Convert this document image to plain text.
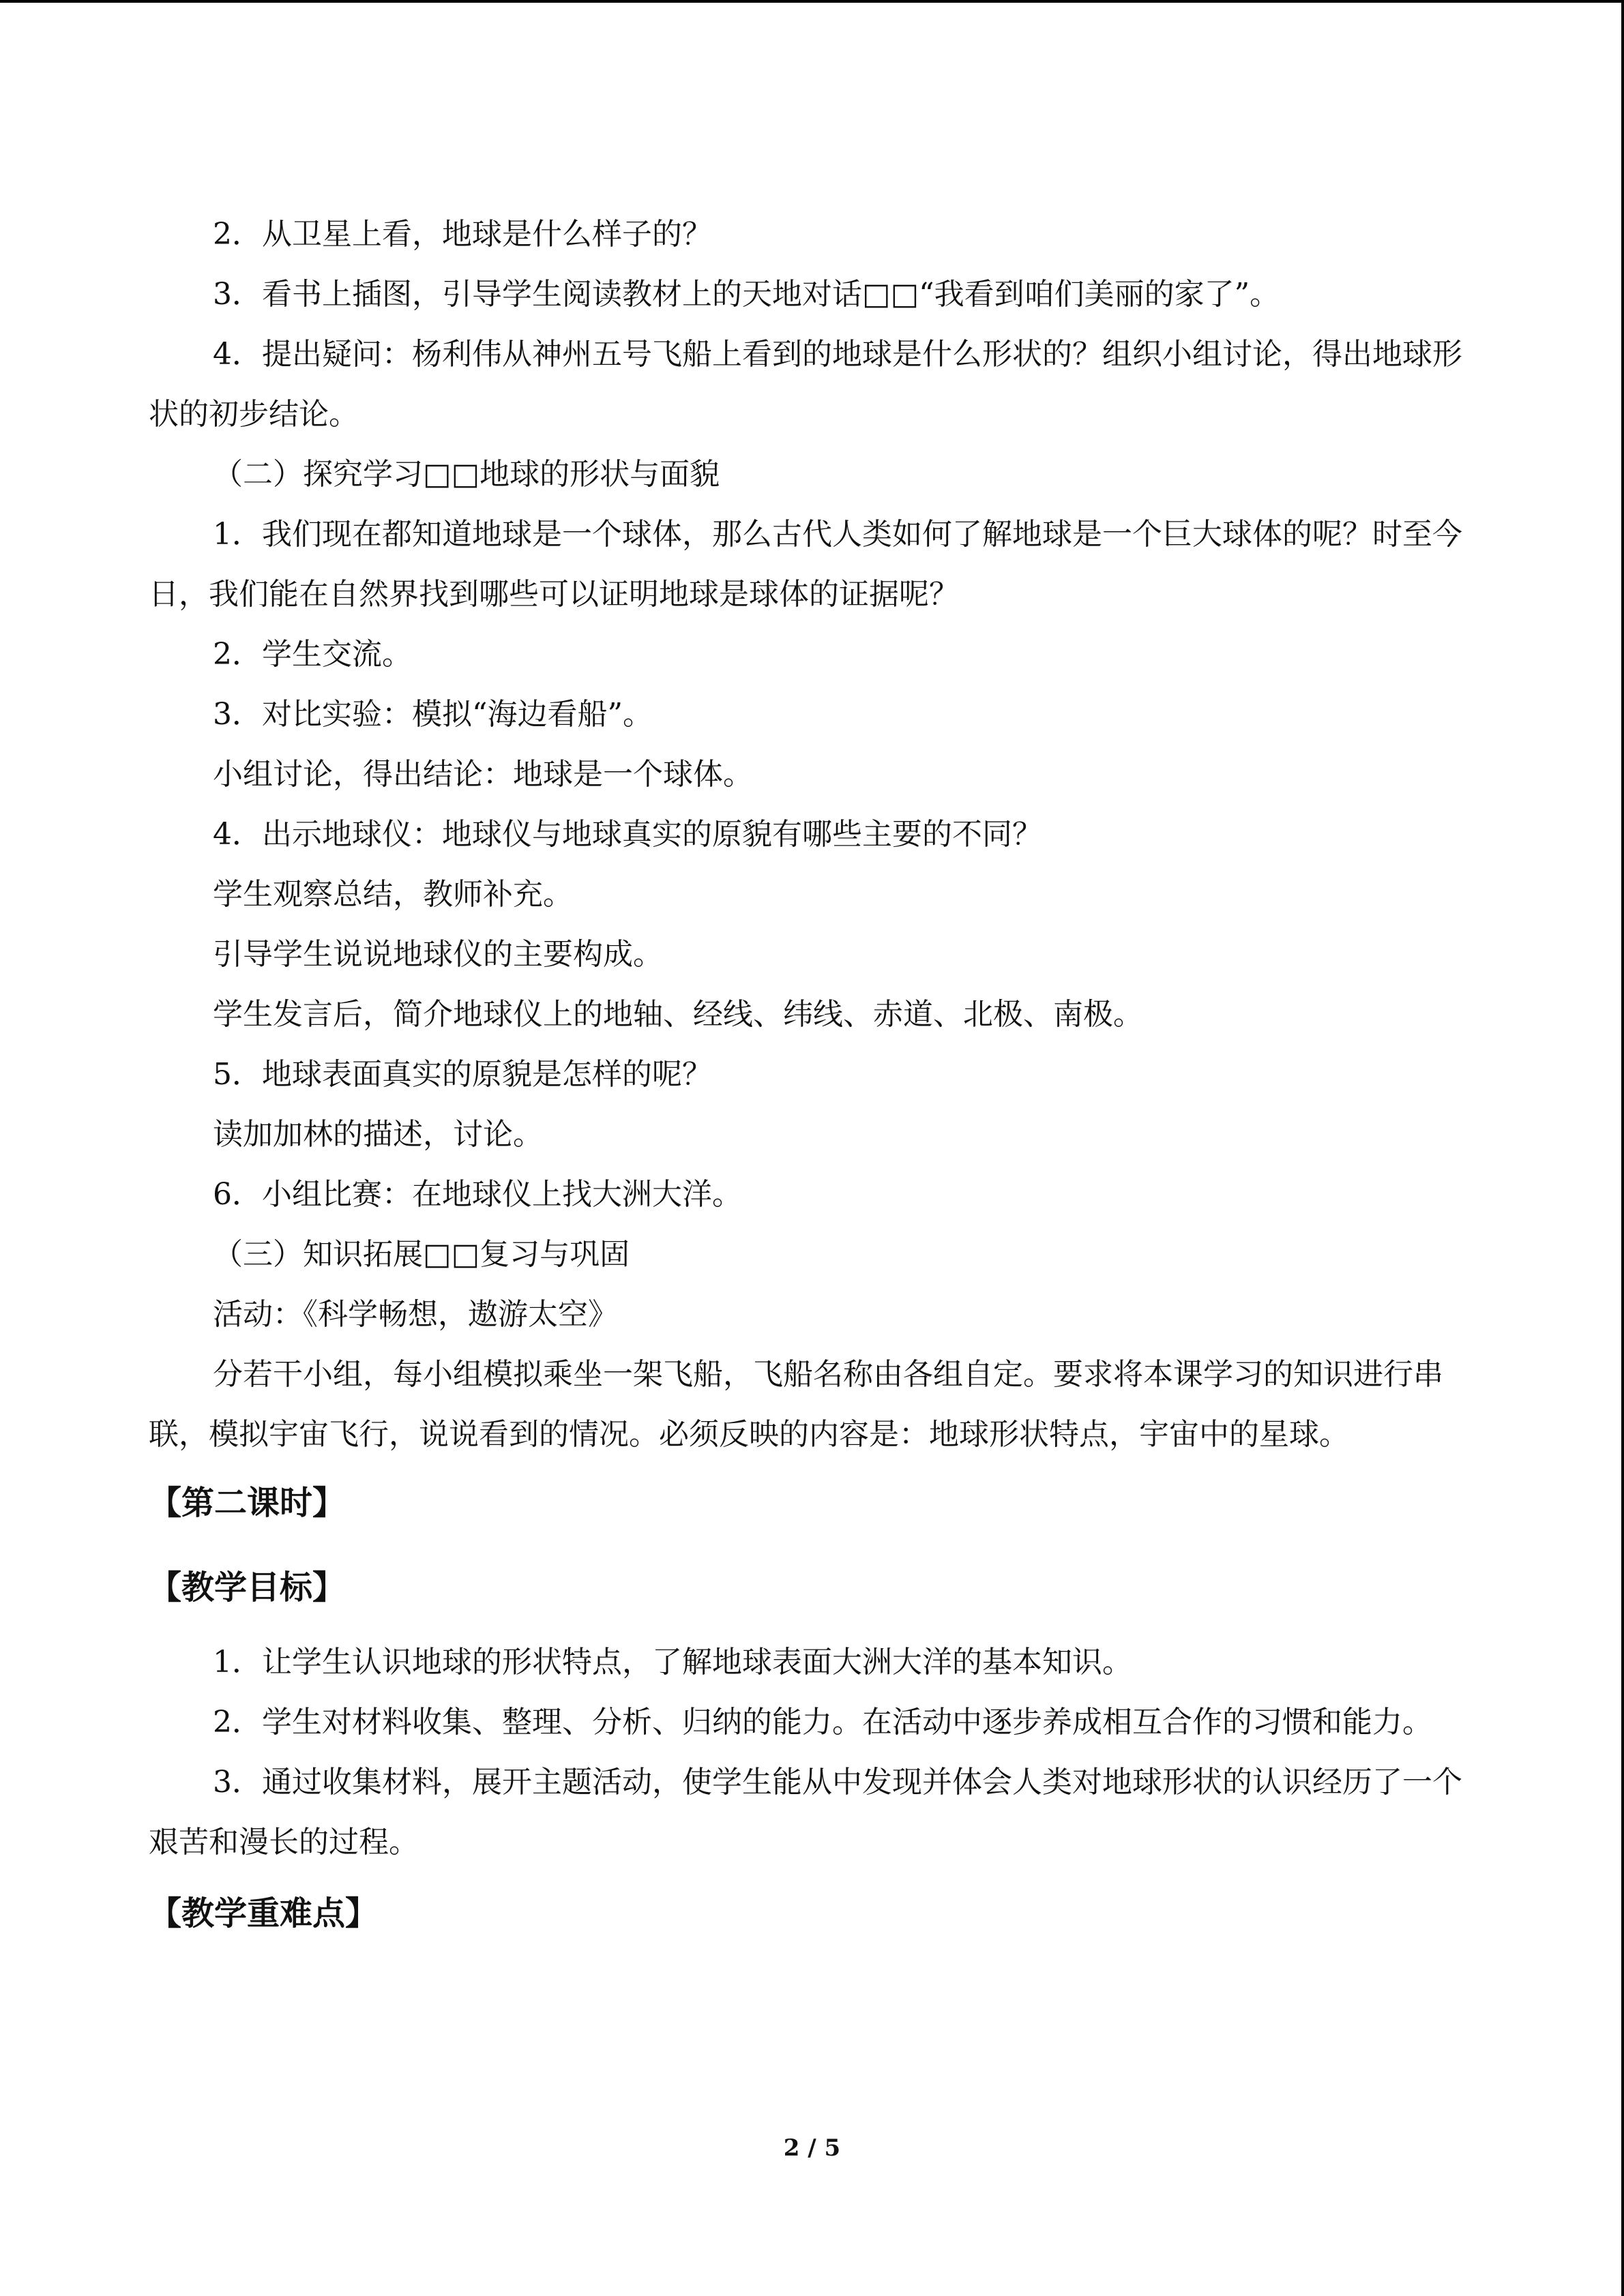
2．从卫星上看，地球是什么样子的？

3．看书上插图，引导学生阅读教材上的天地对话□□“我看到咱们美丽的家了”。

4．提出疑问：杨利伟从神州五号飞船上看到的地球是什么形状的？组织小组讨论，得出地球形状的初步结论。

（二）探究学习□□地球的形状与面貌

1．我们现在都知道地球是一个球体，那么古代人类如何了解地球是一个巨大球体的呢？时至今日，我们能在自然界找到哪些可以证明地球是球体的证据呢？

2．学生交流。

3．对比实验：模拟“海边看船”。

小组讨论，得出结论：地球是一个球体。

4．出示地球仪：地球仪与地球真实的原貌有哪些主要的不同？

学生观察总结，教师补充。

引导学生说说地球仪的主要构成。

学生发言后，简介地球仪上的地轴、经线、纬线、赤道、北极、南极。

5．地球表面真实的原貌是怎样的呢？

读加加林的描述，讨论。

6．小组比赛：在地球仪上找大洲大洋。

（三）知识拓展□□复习与巩固

活动：《科学畅想，遨游太空》

分若干小组，每小组模拟乘坐一架飞船，飞船名称由各组自定。要求将本课学习的知识进行串联，模拟宇宙飞行，说说看到的情况。必须反映的内容是：地球形状特点，宇宙中的星球。

【第二课时】
【教学目标】

1．让学生认识地球的形状特点，了解地球表面大洲大洋的基本知识。

2．学生对材料收集、整理、分析、归纳的能力。在活动中逐步养成相互合作的习惯和能力。

3．通过收集材料，展开主题活动，使学生能从中发现并体会人类对地球形状的认识经历了一个艰苦和漫长的过程。

【教学重难点】
2 / 5
